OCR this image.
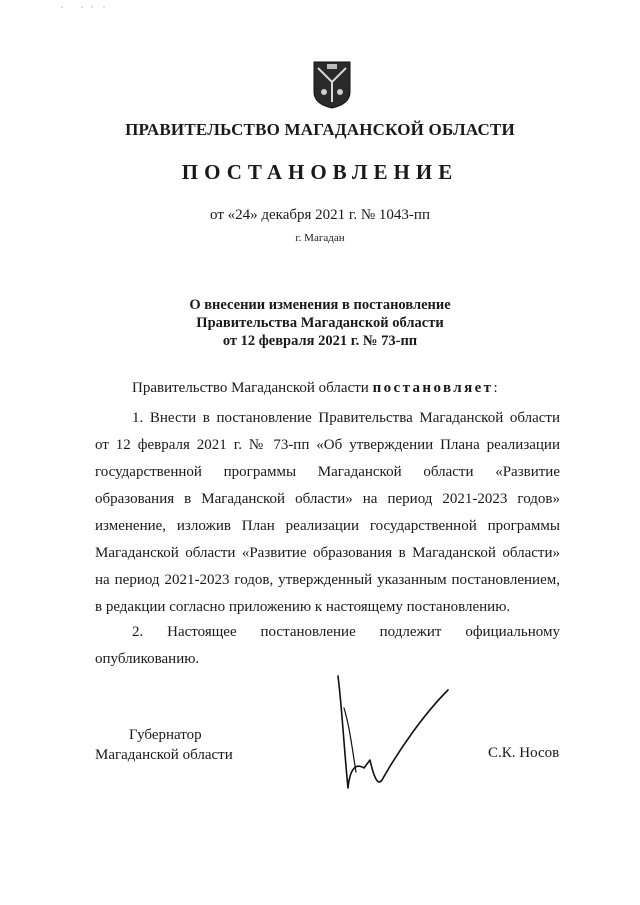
ПРАВИТЕЛЬСТВО МАГАДАНСКОЙ ОБЛАСТИ
ПОСТАНОВЛЕНИЕ
от «24» декабря 2021 г. № 1043-пп
г. Магадан
О внесении изменения в постановление
Правительства Магаданской области
от 12 февраля 2021 г. № 73-пп
Правительство Магаданской области постановляет:
1. Внести в постановление Правительства Магаданской области
от 12 февраля 2021 г. № 73-пп «Об утверждении Плана реализации
государственной программы Магаданской области «Развитие
образования в Магаданской области» на период 2021-2023 годов»
изменение, изложив План реализации государственной программы
Магаданской области «Развитие образования в Магаданской области»
на период 2021-2023 годов, утвержденный указанным постановлением,
в редакции согласно приложению к настоящему постановлению.
2. Настоящее постановление подлежит официальному
опубликованию.
Губернатор
Магаданской области	С.К. Носов
